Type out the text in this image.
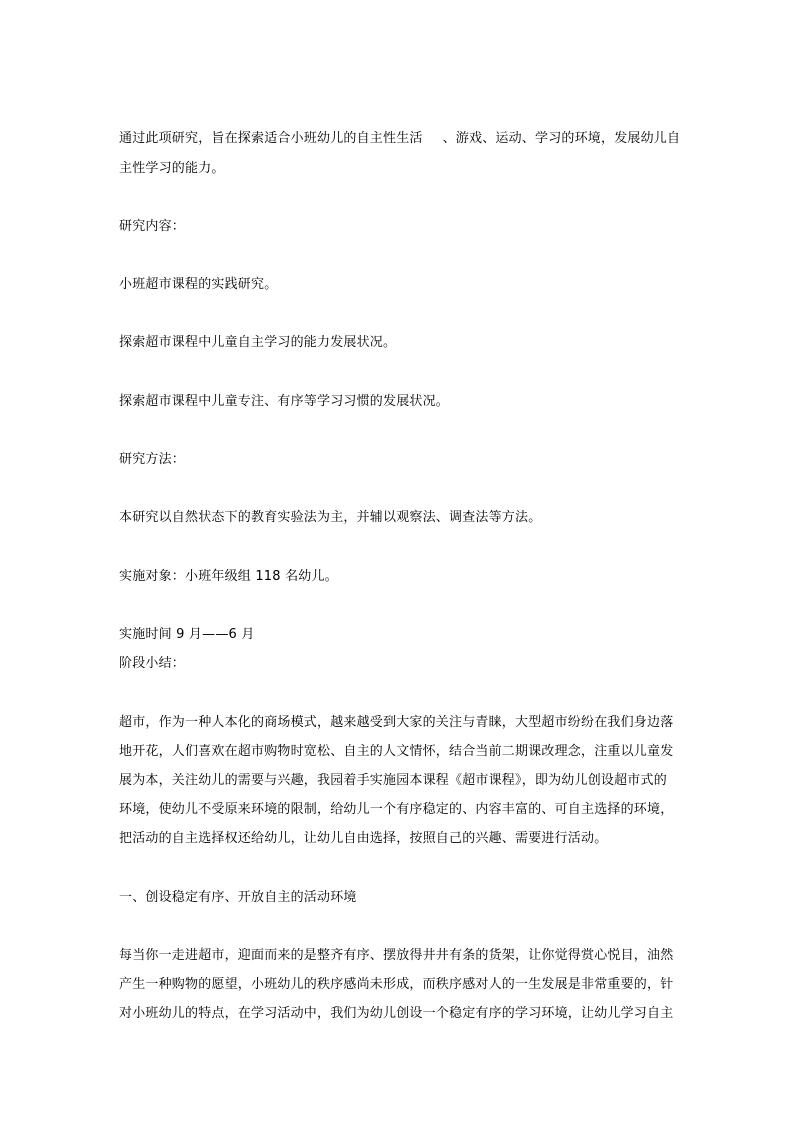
通过此项研究，旨在探索适合小班幼儿的自主性生活 、游戏、运动、学习的环境，发展幼儿自
主性学习的能力。
研究内容：
小班超市课程的实践研究。
探索超市课程中儿童自主学习的能力发展状况。
探索超市课程中儿童专注、有序等学习习惯的发展状况。
研究方法：
本研究以自然状态下的教育实验法为主，并辅以观察法、调查法等方法。
实施对象：小班年级组 118 名幼儿。
实施时间 9 月——6 月
阶段小结：
超市，作为一种人本化的商场模式，越来越受到大家的关注与青睐，大型超市纷纷在我们身边落
地开花，人们喜欢在超市购物时宽松、自主的人文情怀，结合当前二期课改理念，注重以儿童发
展为本，关注幼儿的需要与兴趣，我园着手实施园本课程《超市课程》，即为幼儿创设超市式的
环境，使幼儿不受原来环境的限制，给幼儿一个有序稳定的、内容丰富的、可自主选择的环境，
把活动的自主选择权还给幼儿，让幼儿自由选择，按照自己的兴趣、需要进行活动。
一、创设稳定有序、开放自主的活动环境
每当你一走进超市，迎面而来的是整齐有序、摆放得井井有条的货架，让你觉得赏心悦目，油然
产生一种购物的愿望，小班幼儿的秩序感尚未形成，而秩序感对人的一生发展是非常重要的，针
对小班幼儿的特点，在学习活动中，我们为幼儿创设一个稳定有序的学习环境，让幼儿学习自主
